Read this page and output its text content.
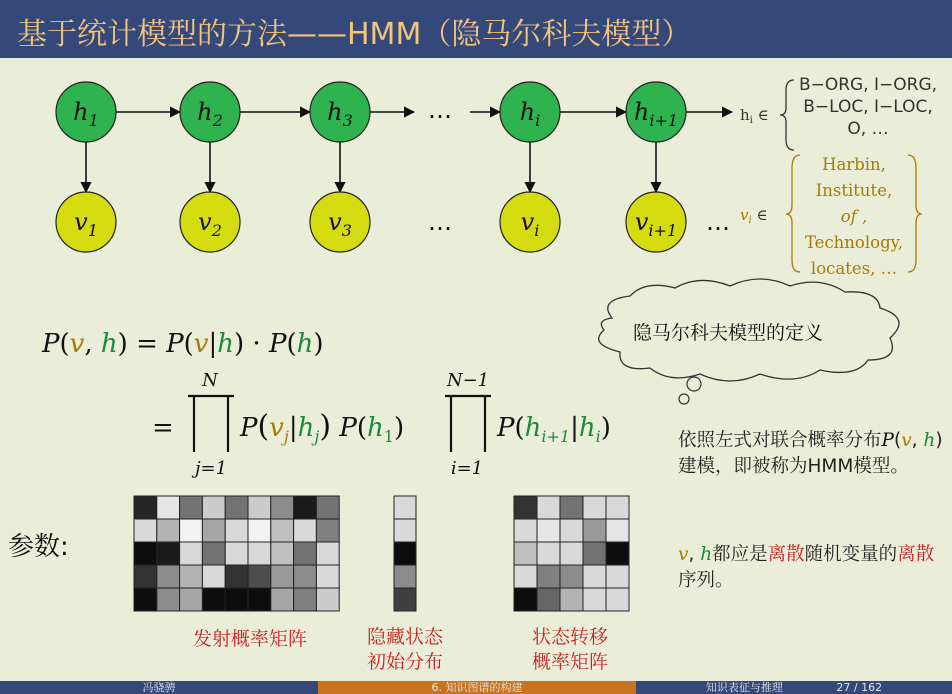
基于统计模型的方法——HMM（隐马尔科夫模型）
$h_1$	$h_2$	$h_3$	$h_i$	$h_{i+1}$
$v_1$	$v_2$	$v_3$	$v_i$	$v_{i+1}$
…
…	…
$h_i$ ∈
$v_i$ ∈
P(v, h) = P(v|h) · P(h)
=
N
j=1
$P(v_j|h_j)$ $P(h_1)$
N−1
i=1
$P(h_{i+1}|h_i)$
B−ORG, I−ORG,
B−LOC, I−LOC,
O, …
Harbin,
Institute,
of ,
Technology,
locates, …
隐马尔科夫模型的定义
参数:
发射概率矩阵	隐藏状态
初始分布
状态转移
概率矩阵
依照左式对联合概率分布P(v, h) 建模，即被称为HMM模型。
v, h都应是离散随机变量的离散序列。
冯骁骋	6. 知识图谱的构建	知识表征与推理	27 / 162
